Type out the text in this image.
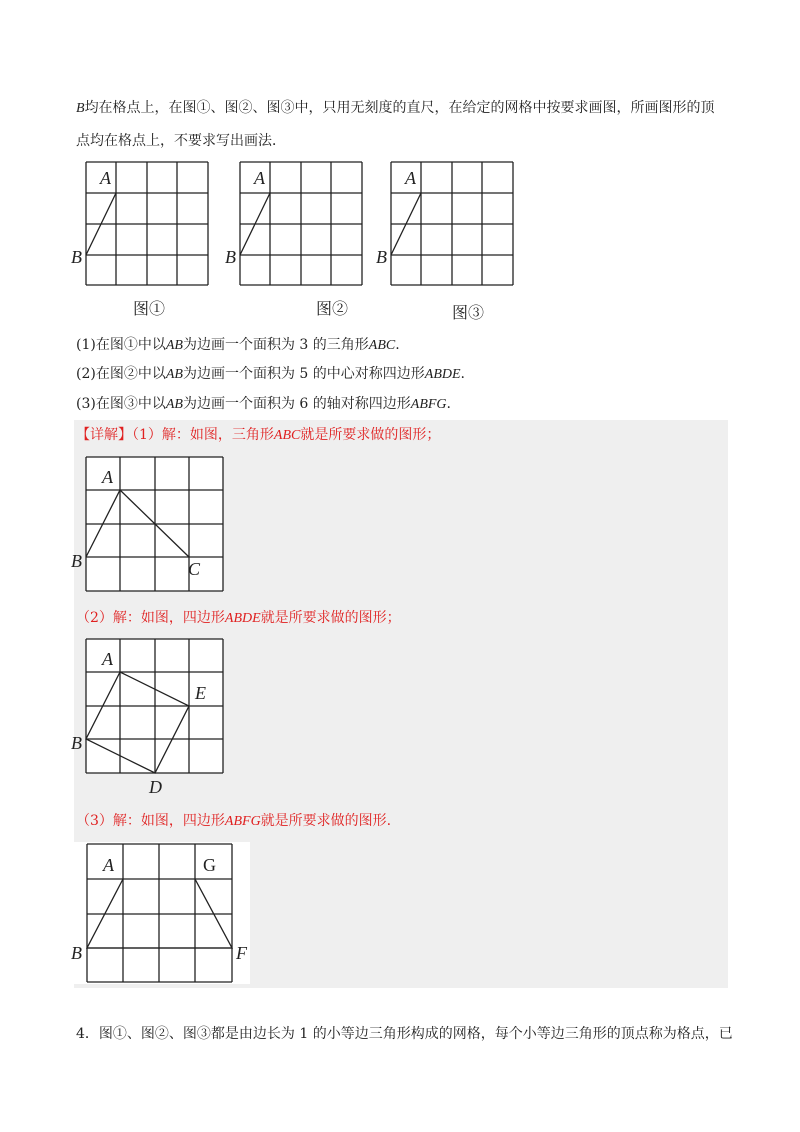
B均在格点上，在图①、图②、图③中，只用无刻度的直尺，在给定的网格中按要求画图，所画图形的顶
点均在格点上，不要求写出画法．
A
B
图①
A
B
图②
A
B
图③
(1)在图①中以AB为边画一个面积为 3 的三角形ABC.
(2)在图②中以AB为边画一个面积为 5 的中心对称四边形ABDE.
(3)在图③中以AB为边画一个面积为 6 的轴对称四边形ABFG.
【详解】（1）解：如图，三角形ABC就是所要求做的图形；
A
B	C
（2）解：如图，四边形ABDE就是所要求做的图形；
A
B
E
D
（3）解：如图，四边形ABFG就是所要求做的图形.
A
B
G
F
4．图①、图②、图③都是由边长为 1 的小等边三角形构成的网格，每个小等边三角形的顶点称为格点，已
